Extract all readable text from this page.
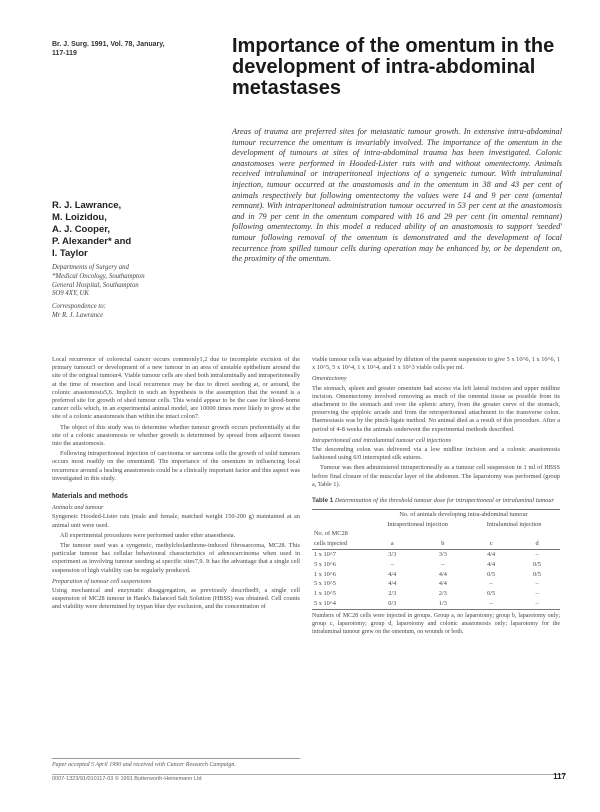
Br. J. Surg. 1991, Vol. 78, January,
117-119	Importance of the omentum in the development of intra-abdominal metastases

Areas of trauma are preferred sites for metastatic tumour growth. In extensive intra-abdominal tumour recurrence the omentum is invariably involved. The importance of the omentum in the development of tumours at sites of intra-abdominal trauma has been investigated. Colonic anastomoses were performed in Hooded-Lister rats with and without omentectomy. Animals received intraluminal or intraperitoneal injections of a syngeneic tumour. With intraluminal injection, tumour occurred at the anastomosis and in the omentum in 38 and 43 per cent of animals respectively but following omentectomy the values were 14 and 9 per cent (omental remnant). With intraperitoneal administration tumour occurred in 53 per cent at the anastomosis and in 79 per cent in the omentum compared with 16 and 29 per cent (in omental remnant) following omentectomy. In this model a reduced ability of an anastomosis to support 'seeded' tumour following removal of the omentum is demonstrated and the development of local recurrence from spilled tumour cells during operation may be enhanced by, or be dependent on, the proximity of the omentum.

R. J. Lawrance,
M. Loizidou,
A. J. Cooper,
P. Alexander* and
I. Taylor
Departments of Surgery and
*Medical Oncology, Southampton
General Hospital, Southampton
SO9 4XY, UK
Correspondence to:
Mr R. J. Lawrance

Local recurrence of colorectal cancer occurs commonly1,2 due to incomplete excision of the primary tumour3 or development of a new tumour in an area of unstable epithelium around the site of the original tumour4. Viable tumour cells are shed both intraluminally and intraperitoneally at the time of resection and local recurrence may be due to direct seeding at, or around, the colonic anastomosis5,6. Implicit in such an hypothesis is the assumption that the wound is a preferred site for growth of shed tumour cells. This would appear to be the case for blood-borne cancer cells which, in an experimental animal model, are 10000 times more likely to grow at the site of a colonic anastomosis than within the intact colon7.

The object of this study was to determine whether tumour growth occurs preferentially at the site of a colonic anastomosis or whether growth is determined by spread from adjacent tissues into the anastomosis.

Following intraperitoneal injection of carcinoma or sarcoma cells the growth of solid tumours occurs most readily on the omentum8. The importance of the omentum in influencing local recurrence around a healing anastomosis could be a clinically important factor and this aspect was investigated in this study.

Materials and methods
Animals and tumour

Syngeneic Hooded-Lister rats (male and female, matched weight 150-200 g) maintained at an animal unit were used.

All experimental procedures were performed under ether anaesthesia.

The tumour used was a syngeneic, methylcholanthrene-induced fibrosarcoma, MC28. This particular tumour has cellular behavioural characteristics of adenocarcinoma when used in experiment as involving tumour seeding at specific sites7,9. It has the advantage that a single cell suspension of high viability can be regularly produced.

Preparation of tumour cell suspensions

Using mechanical and enzymatic disaggregation, as previously described9, a single cell suspension of MC28 tumour in Hank's Balanced Salt Solution (HBSS) was obtained. Cell counts and viability were determined by trypan blue dye exclusion, and the concentration of

Paper accepted 5 April 1990 and received with Cancer Research Campaign.

viable tumour cells was adjusted by dilution of the parent suspension to give 5 x 10^6, 1 x 10^6, 1 x 10^5, 5 x 10^4, 1 x 10^4, and 1 x 10^3 viable cells per ml.

Omentectomy

The stomach, spleen and greater omentum had access via left lateral incision and upper midline incision. Omentectomy involved removing as much of the omental tissue as possible from its attachment to the stomach and over the splenic artery, from the greater curve of the stomach, preserving the epiploic arcade and from the retroperitoneal attachment to the transverse colon. Haemostasis was by the pinch-ligate method. No animal died as a result of this procedure. After a period of 4-8 weeks the animals underwent the experimental methods described.

Intraperitoneal and intraluminal tumour cell injections

The descending colon was delivered via a low midline incision and a colonic anastomosis fashioned using 6/0 interrupted silk sutures.

Tumour was then administered intraperitoneally as a tumour cell suspension in 1 ml of HBSS before final closure of the muscular layer of the abdomen. The laparotomy was performed (group a, Table 1).

Table 1 Determination of the threshold tumour dose for intraperitoneal or intraluminal tumour
	No. of animals developing intra-abdominal tumour			
	Intraperitoneal injection		Intraluminal injection	
No. of MC28				
cells injected	a	b	c	d
1 x 10^7	3/3	3/3	4/4	–
5 x 10^6	–	–	4/4	0/5
1 x 10^6	4/4	4/4	0/5	0/5
5 x 10^5	4/4	4/4	–	–
1 x 10^5	2/3	2/3	0/5	–
5 x 10^4	0/3	1/3	–	–
Numbers of MC28 cells were injected in groups. Group a, no laparotomy; group b, laparotomy only; group c, laparotomy; group d, laparotomy and colonic anastomosis only; laparotomy for the intraluminal tumour grew on the omentum, on wounds or both.
0007-1323/91/010117-03 © 1991 Butterworth-Heinemann Ltd	117
